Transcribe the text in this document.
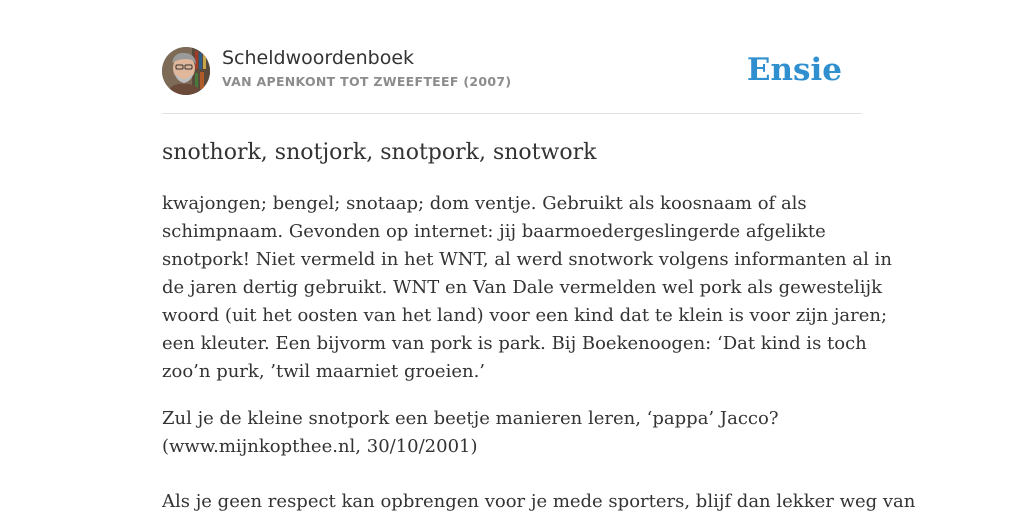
Scheldwoordenboek
VAN APENKONT TOT ZWEEFTEEF (2007)	Ensie
snothork, snotjork, snotpork, snotwork

kwajongen; bengel; snotaap; dom ventje. Gebruikt als koosnaam of als
schimpnaam. Gevonden op internet: jij baarmoedergeslingerde afgelikte
snotpork! Niet vermeld in het WNT, al werd snotwork volgens informanten al in
de jaren dertig gebruikt. WNT en Van Dale vermelden wel pork als gewestelijk
woord (uit het oosten van het land) voor een kind dat te klein is voor zijn jaren;
een kleuter. Een bijvorm van pork is park. Bij Boekenoogen: ‘Dat kind is toch
zoo’n purk, ’twil maarniet groeien.’

Zul je de kleine snotpork een beetje manieren leren, ‘pappa’ Jacco?
(www.mijnkopthee.nl, 30/10/2001)

Als je geen respect kan opbrengen voor je mede sporters, blijf dan lekker weg van
